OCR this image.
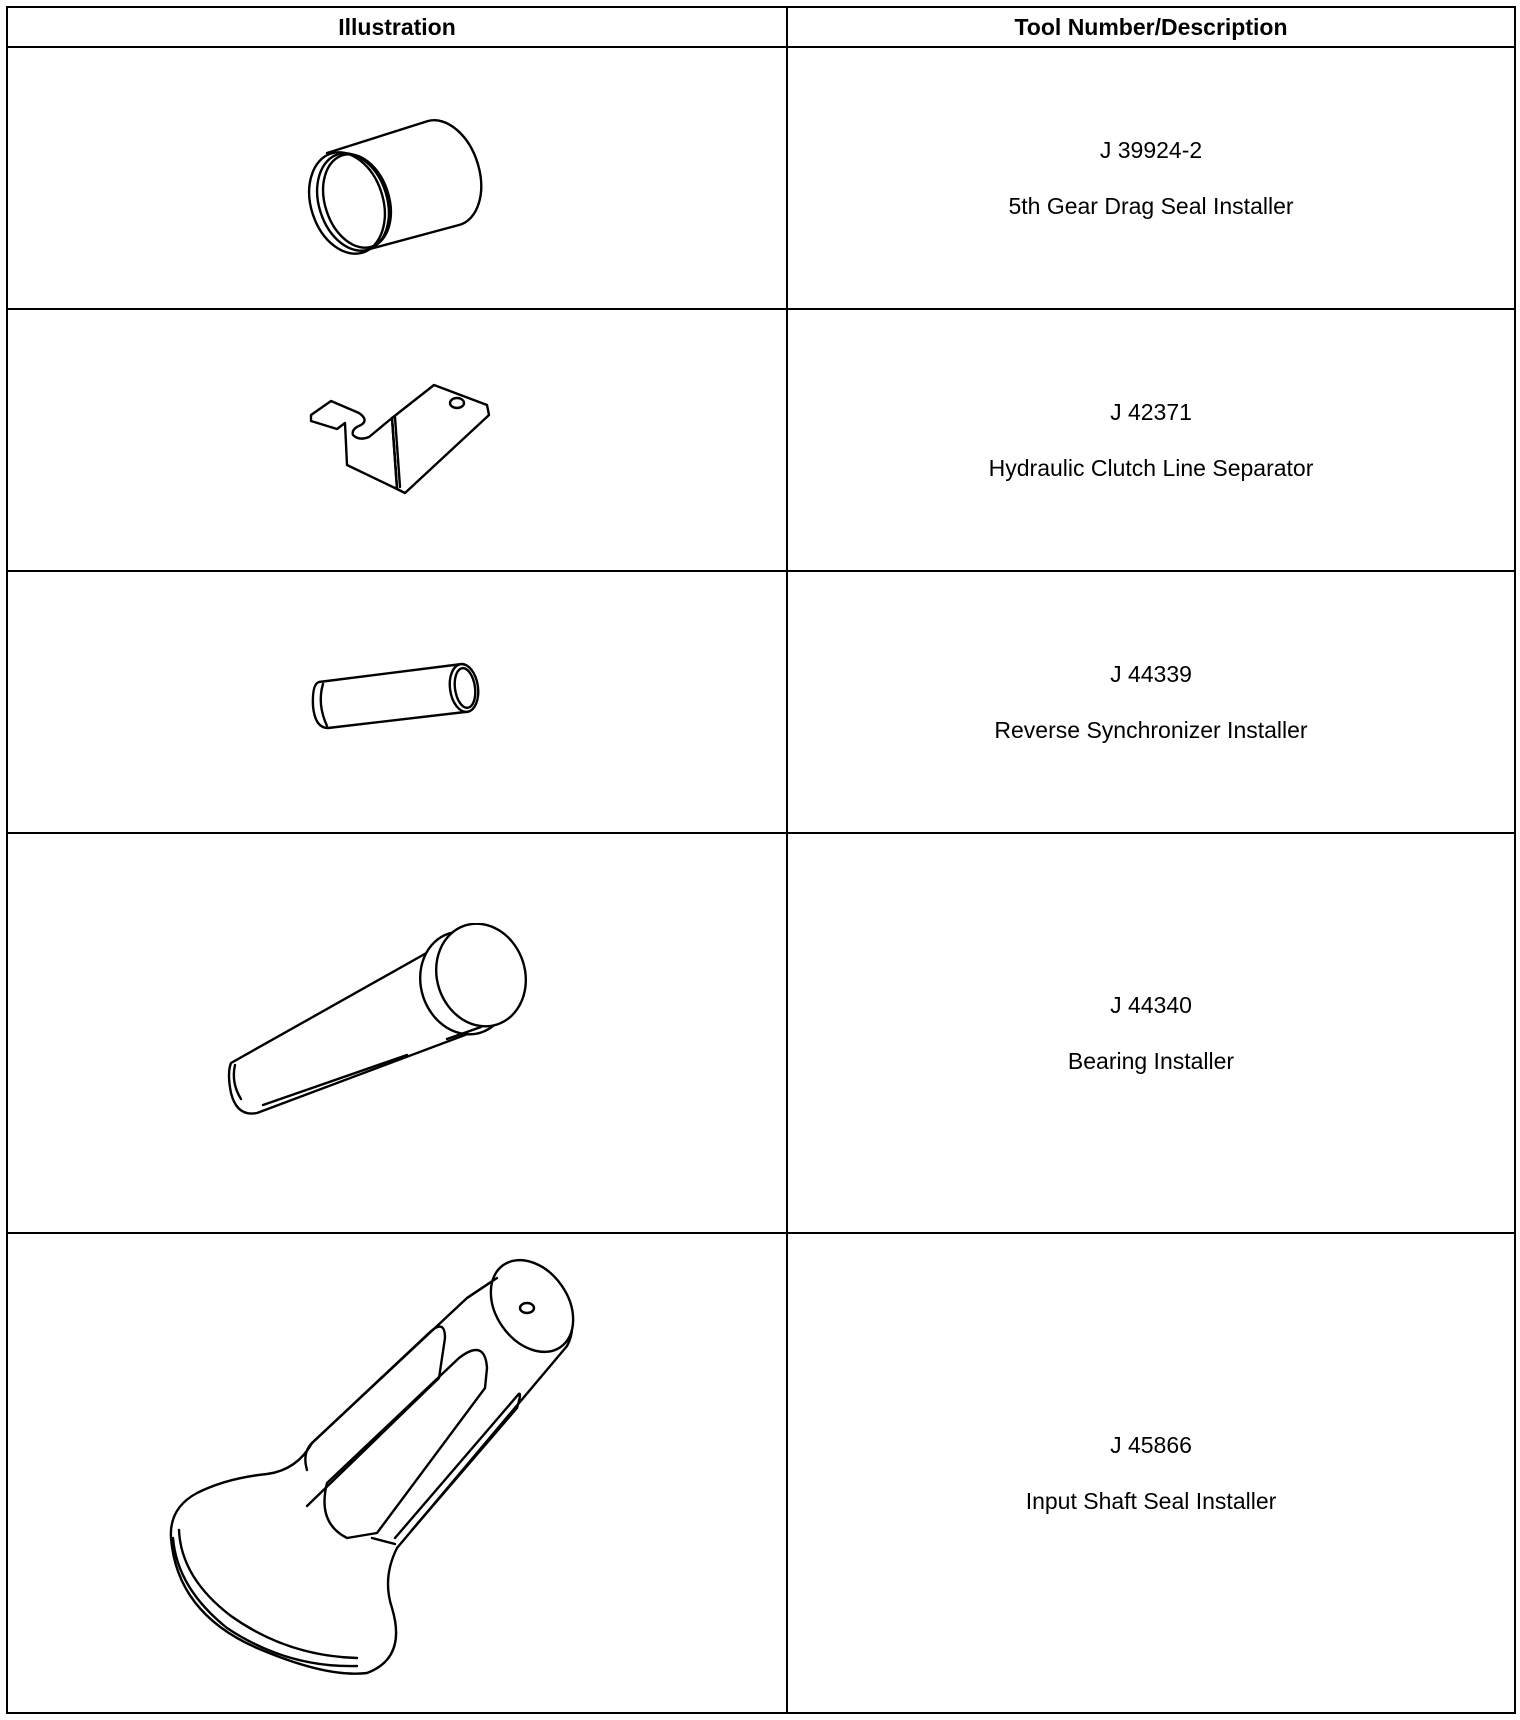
Illustration	Tool Number/Description

J 39924-2
5th Gear Drag Seal Installer

J 42371
Hydraulic Clutch Line Separator

J 44339
Reverse Synchronizer Installer

J 44340
Bearing Installer

J 45866
Input Shaft Seal Installer
